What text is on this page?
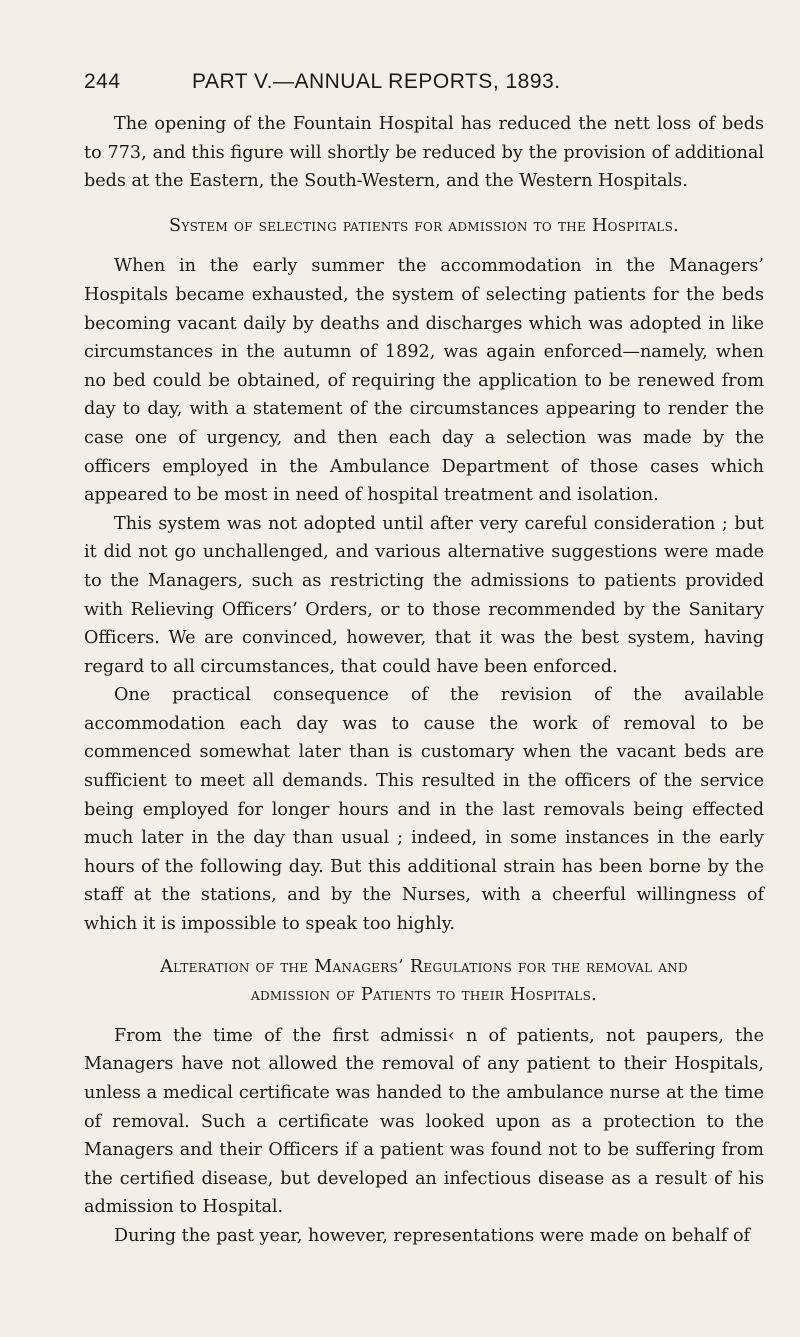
244	PART V.—ANNUAL REPORTS, 1893.

The opening of the Fountain Hospital has reduced the nett loss of beds to 773, and this figure will shortly be reduced by the provision of additional beds at the Eastern, the South-Western, and the Western Hospitals.

System of selecting patients for admission to the Hospitals.

When in the early summer the accommodation in the Managers’ Hospitals became exhausted, the system of selecting patients for the beds becoming vacant daily by deaths and discharges which was adopted in like circumstances in the autumn of 1892, was again enforced—namely, when no bed could be obtained, of requiring the application to be renewed from day to day, with a statement of the circumstances appearing to render the case one of urgency, and then each day a selection was made by the officers employed in the Ambulance Department of those cases which appeared to be most in need of hospital treatment and isolation.

This system was not adopted until after very careful consideration ; but it did not go unchallenged, and various alternative suggestions were made to the Managers, such as restricting the admissions to patients provided with Relieving Officers’ Orders, or to those recommended by the Sanitary Officers. We are convinced, however, that it was the best system, having regard to all circumstances, that could have been enforced.

One practical consequence of the revision of the available accommodation each day was to cause the work of removal to be commenced somewhat later than is customary when the vacant beds are sufficient to meet all demands. This resulted in the officers of the service being employed for longer hours and in the last removals being effected much later in the day than usual ; indeed, in some instances in the early hours of the following day. But this additional strain has been borne by the staff at the stations, and by the Nurses, with a cheerful willingness of which it is impossible to speak too highly.

Alteration of the Managers’ Regulations for the removal and
admission of Patients to their Hospitals.

From the time of the first admissi‹ n of patients, not paupers, the Managers have not allowed the removal of any patient to their Hospitals, unless a medical certificate was handed to the ambulance nurse at the time of removal. Such a certificate was looked upon as a protection to the Managers and their Officers if a patient was found not to be suffering from the certified disease, but developed an infectious disease as a result of his admission to Hospital.

During the past year, however, representations were made on behalf of
